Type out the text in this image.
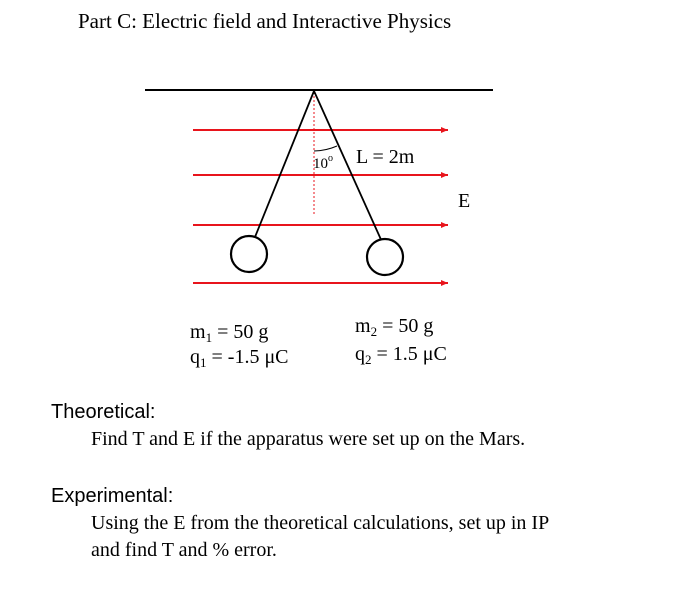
Part C: Electric field and Interactive Physics
10$^o$ L = 2m
E
$m_1 = 50$ g
$q_1 = -1.5$ μC
$m_2 = 50$ g
$q_2 = 1.5$ μC
Theoretical:
Find T and E if the apparatus were set up on the Mars.
Experimental:
Using the E from the theoretical calculations, set up in IP
and find T and % error.
